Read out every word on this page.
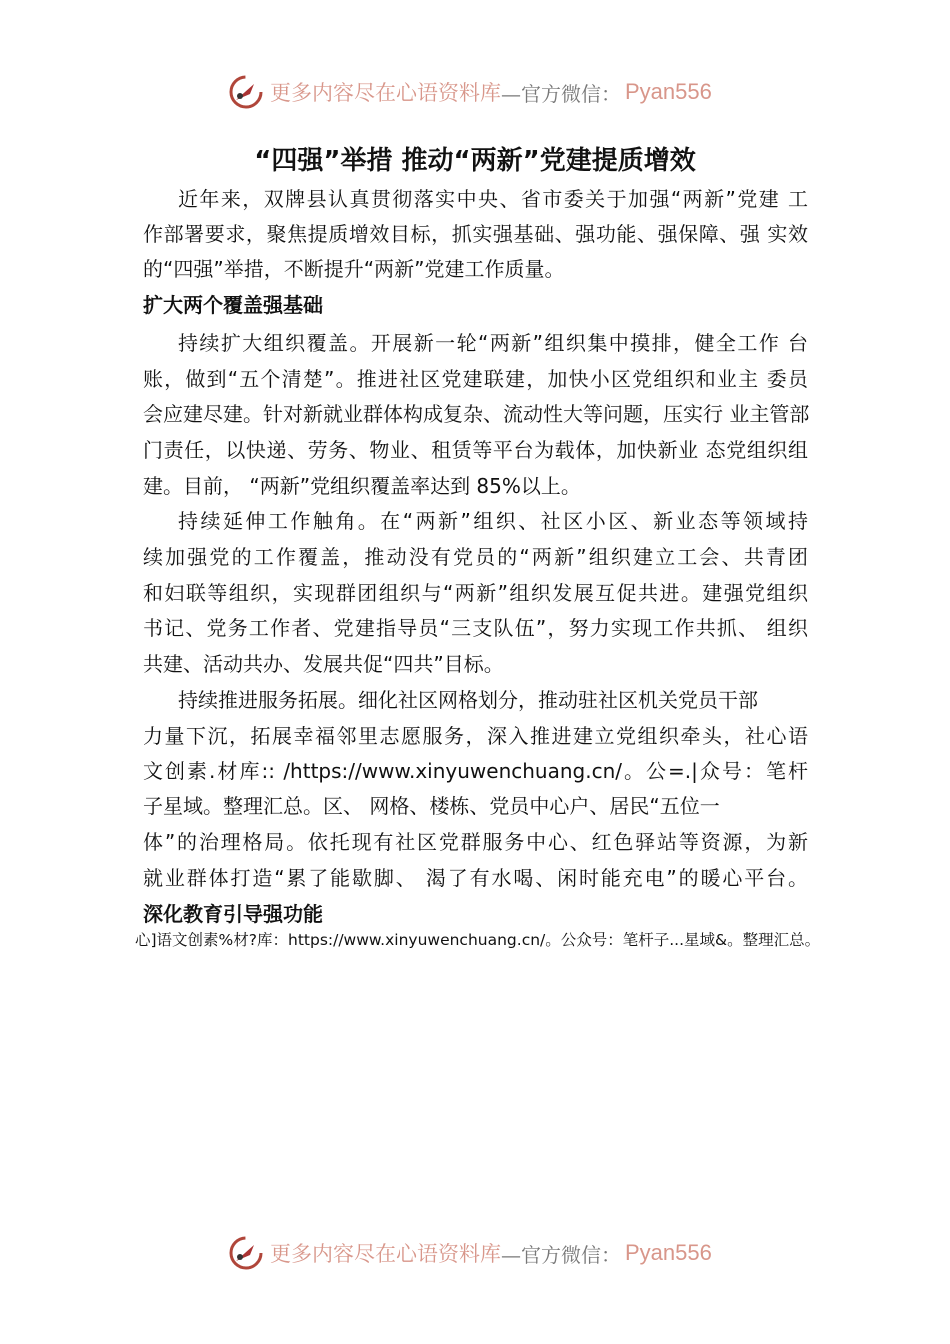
更多内容尽在心语资料库 —官方微信： Pyan556
“四强”举措 推动“两新”党建提质增效
近年来，双牌县认真贯彻落实中央、省市委关于加强“两新”党建 工
作部署要求，聚焦提质增效目标，抓实强基础、强功能、强保障、强 实效
的“四强”举措，不断提升“两新”党建工作质量。
扩大两个覆盖强基础
持续扩大组织覆盖。开展新一轮“两新”组织集中摸排，健全工作 台
账，做到“五个清楚”。推进社区党建联建，加快小区党组织和业主 委员
会应建尽建。针对新就业群体构成复杂、流动性大等问题，压实行 业主管部
门责任，以快递、劳务、物业、租赁等平台为载体，加快新业 态党组织组
建。目前， “两新”党组织覆盖率达到 85%以上。
持续延伸工作触角。在“两新”组织、社区小区、新业态等领域持
续加强党的工作覆盖，推动没有党员的“两新”组织建立工会、共青团
和妇联等组织，实现群团组织与“两新”组织发展互促共进。建强党组织
书记、党务工作者、党建指导员“三支队伍”，努力实现工作共抓、 组织
共建、活动共办、发展共促“四共”目标。
持续推进服务拓展。细化社区网格划分，推动驻社区机关党员干部
力量下沉，拓展幸福邻里志愿服务，深入推进建立党组织牵头，社心语
文创素.材库:: /https://www.xinyuwenchuang.cn/。公=.|众号：笔杆
子星域。整理汇总。区、 网格、楼栋、党员中心户、居民“五位一
体”的治理格局。依托现有社区党群服务中心、红色驿站等资源，为新
就业群体打造“累了能歇脚、 渴了有水喝、闲时能充电”的暖心平台。
深化教育引导强功能
心]语文创素%材?库：https://www.xinyuwenchuang.cn/。公众号：笔杆子...星域&。整理汇总。
更多内容尽在心语资料库 —官方微信： Pyan556
